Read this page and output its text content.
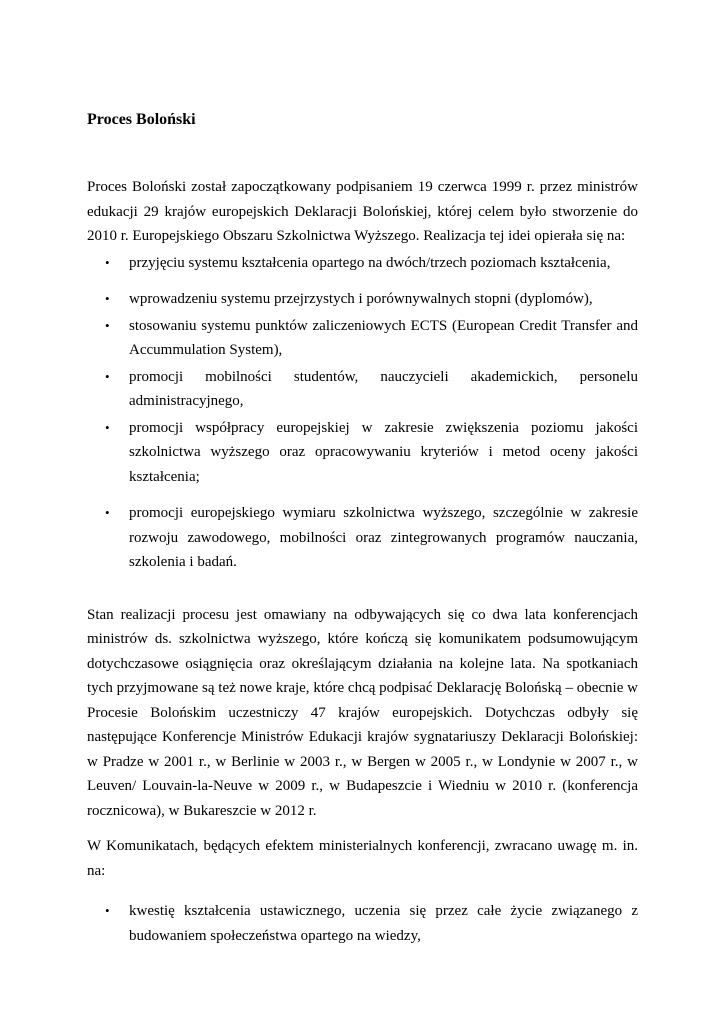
Proces Boloński

Proces Boloński został zapoczątkowany podpisaniem 19 czerwca 1999 r. przez ministrów edukacji 29 krajów europejskich Deklaracji Bolońskiej, której celem było stworzenie do 2010 r. Europejskiego Obszaru Szkolnictwa Wyższego. Realizacja tej idei opierała się na:

• przyjęciu systemu kształcenia opartego na dwóch/trzech poziomach kształcenia,
• wprowadzeniu systemu przejrzystych i porównywalnych stopni (dyplomów),
• stosowaniu systemu punktów zaliczeniowych ECTS (European Credit Transfer and Accummulation System),
• promocji mobilności studentów, nauczycieli akademickich, personelu administracyjnego,
• promocji współpracy europejskiej w zakresie zwiększenia poziomu jakości szkolnictwa wyższego oraz opracowywaniu kryteriów i metod oceny jakości kształcenia;
• promocji europejskiego wymiaru szkolnictwa wyższego, szczególnie w zakresie rozwoju zawodowego, mobilności oraz zintegrowanych programów nauczania, szkolenia i badań.

Stan realizacji procesu jest omawiany na odbywających się co dwa lata konferencjach ministrów ds. szkolnictwa wyższego, które kończą się komunikatem podsumowującym dotychczasowe osiągnięcia oraz określającym działania na kolejne lata. Na spotkaniach tych przyjmowane są też nowe kraje, które chcą podpisać Deklarację Bolońską – obecnie w Procesie Bolońskim uczestniczy 47 krajów europejskich. Dotychczas odbyły się następujące Konferencje Ministrów Edukacji krajów sygnatariuszy Deklaracji Bolońskiej: w Pradze w 2001 r., w Berlinie w 2003 r., w Bergen w 2005 r., w Londynie w 2007 r., w Leuven/ Louvain-la-Neuve w 2009 r., w Budapeszcie i Wiedniu w 2010 r. (konferencja rocznicowa), w Bukareszcie w 2012 r.

W Komunikatach, będących efektem ministerialnych konferencji, zwracano uwagę m. in. na:

• kwestię kształcenia ustawicznego, uczenia się przez całe życie związanego z budowaniem społeczeństwa opartego na wiedzy,
